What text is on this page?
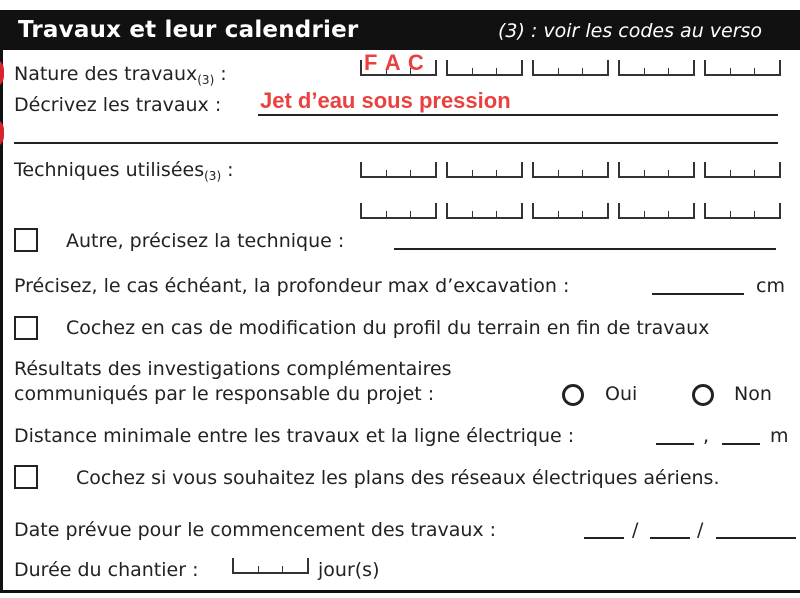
Travaux et leur calendrier	(3) : voir les codes au verso
Nature des travaux$_{(3)}$ :	F A C
Décrivez les travaux : Jet d’eau sous pression
Techniques utilisées$_{(3)}$ :
Autre, précisez la technique :
Précisez, le cas échéant, la profondeur max d’excavation :	cm
Cochez en cas de modification du profil du terrain en fin de travaux
Résultats des investigations complémentaires
communiqués par le responsable du projet :	Oui	Non
Distance minimale entre les travaux et la ligne électrique :	,	m
Cochez si vous souhaitez les plans des réseaux électriques aériens.
Date prévue pour le commencement des travaux :	/	/
Durée du chantier :	jour(s)
